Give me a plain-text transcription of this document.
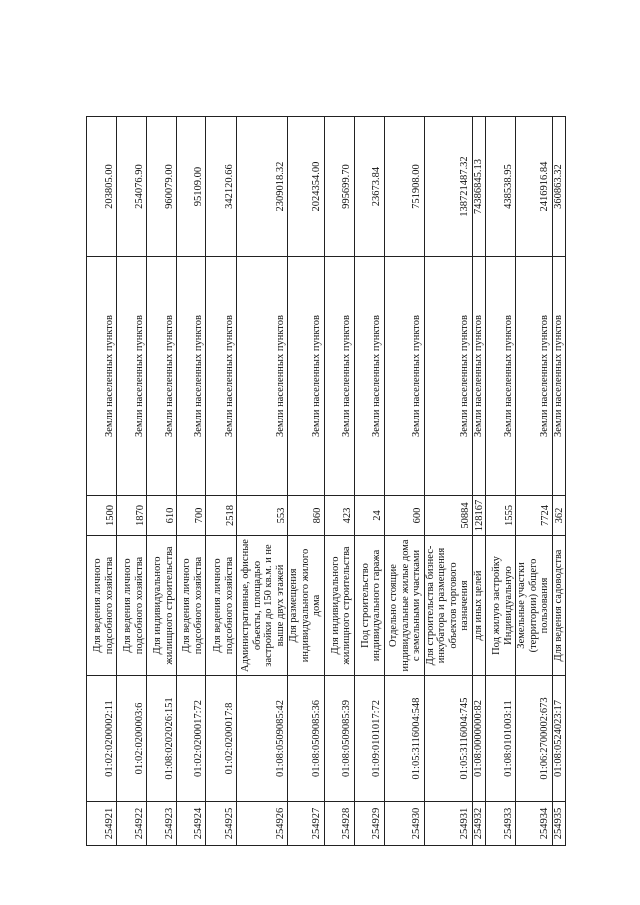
254921	01:02:0200002:11	Для ведения личного подсобного хозяйства	1500	Земли населенных пунктов	203805.00
254922	01:02:0200003:6	Для ведения личного подсобного хозяйства	1870	Земли населенных пунктов	254076.90
254923	01:08:0202026:151	Для индивидуального жилищного строительства	610	Земли населенных пунктов	960079.00
254924	01:02:0200017:72	Для ведения личного подсобного хозяйства	700	Земли населенных пунктов	95109.00
254925	01:02:0200017:8	Для ведения личного подсобного хозяйства	2518	Земли населенных пунктов	342120.66
254926	01:08:0509085:42	Административные, офисные объекты, площадью застройки до 150 кв.м. и не выше двух этажей	553	Земли населенных пунктов	2309018.32
254927	01:08:0509085:36	Для размещения индивидуального жилого дома	860	Земли населенных пунктов	2024354.00
254928	01:08:0509085:39	Для индивидуального жилищного строительства	423	Земли населенных пунктов	995699.70
254929	01:09:0101017:72	Под строительство индивидуального гаража	24	Земли населенных пунктов	23673.84
254930	01:05:3116004:548	Отдельно стоящие индивидуальные жилые дома с земельными участками	600	Земли населенных пунктов	751908.00
254931	01:05:3116004:745	Для строительства бизнес-инкубатора и размещения объектов торгового назначения	50884	Земли населенных пунктов	138721487.32
254932	01:08:0000000:82	для иных целей	128167	Земли населенных пунктов	74386845.13
254933	01:08:0101003:11	Под жилую застройку Индивидуальную	1555	Земли населенных пунктов	438538.95
254934	01:06:2700002:673	Земельные участки (территории) общего пользования	7724	Земли населенных пунктов	2416916.84
254935	01:08:0524023:17	Для ведения садоводства	362	Земли населенных пунктов	360863.32
